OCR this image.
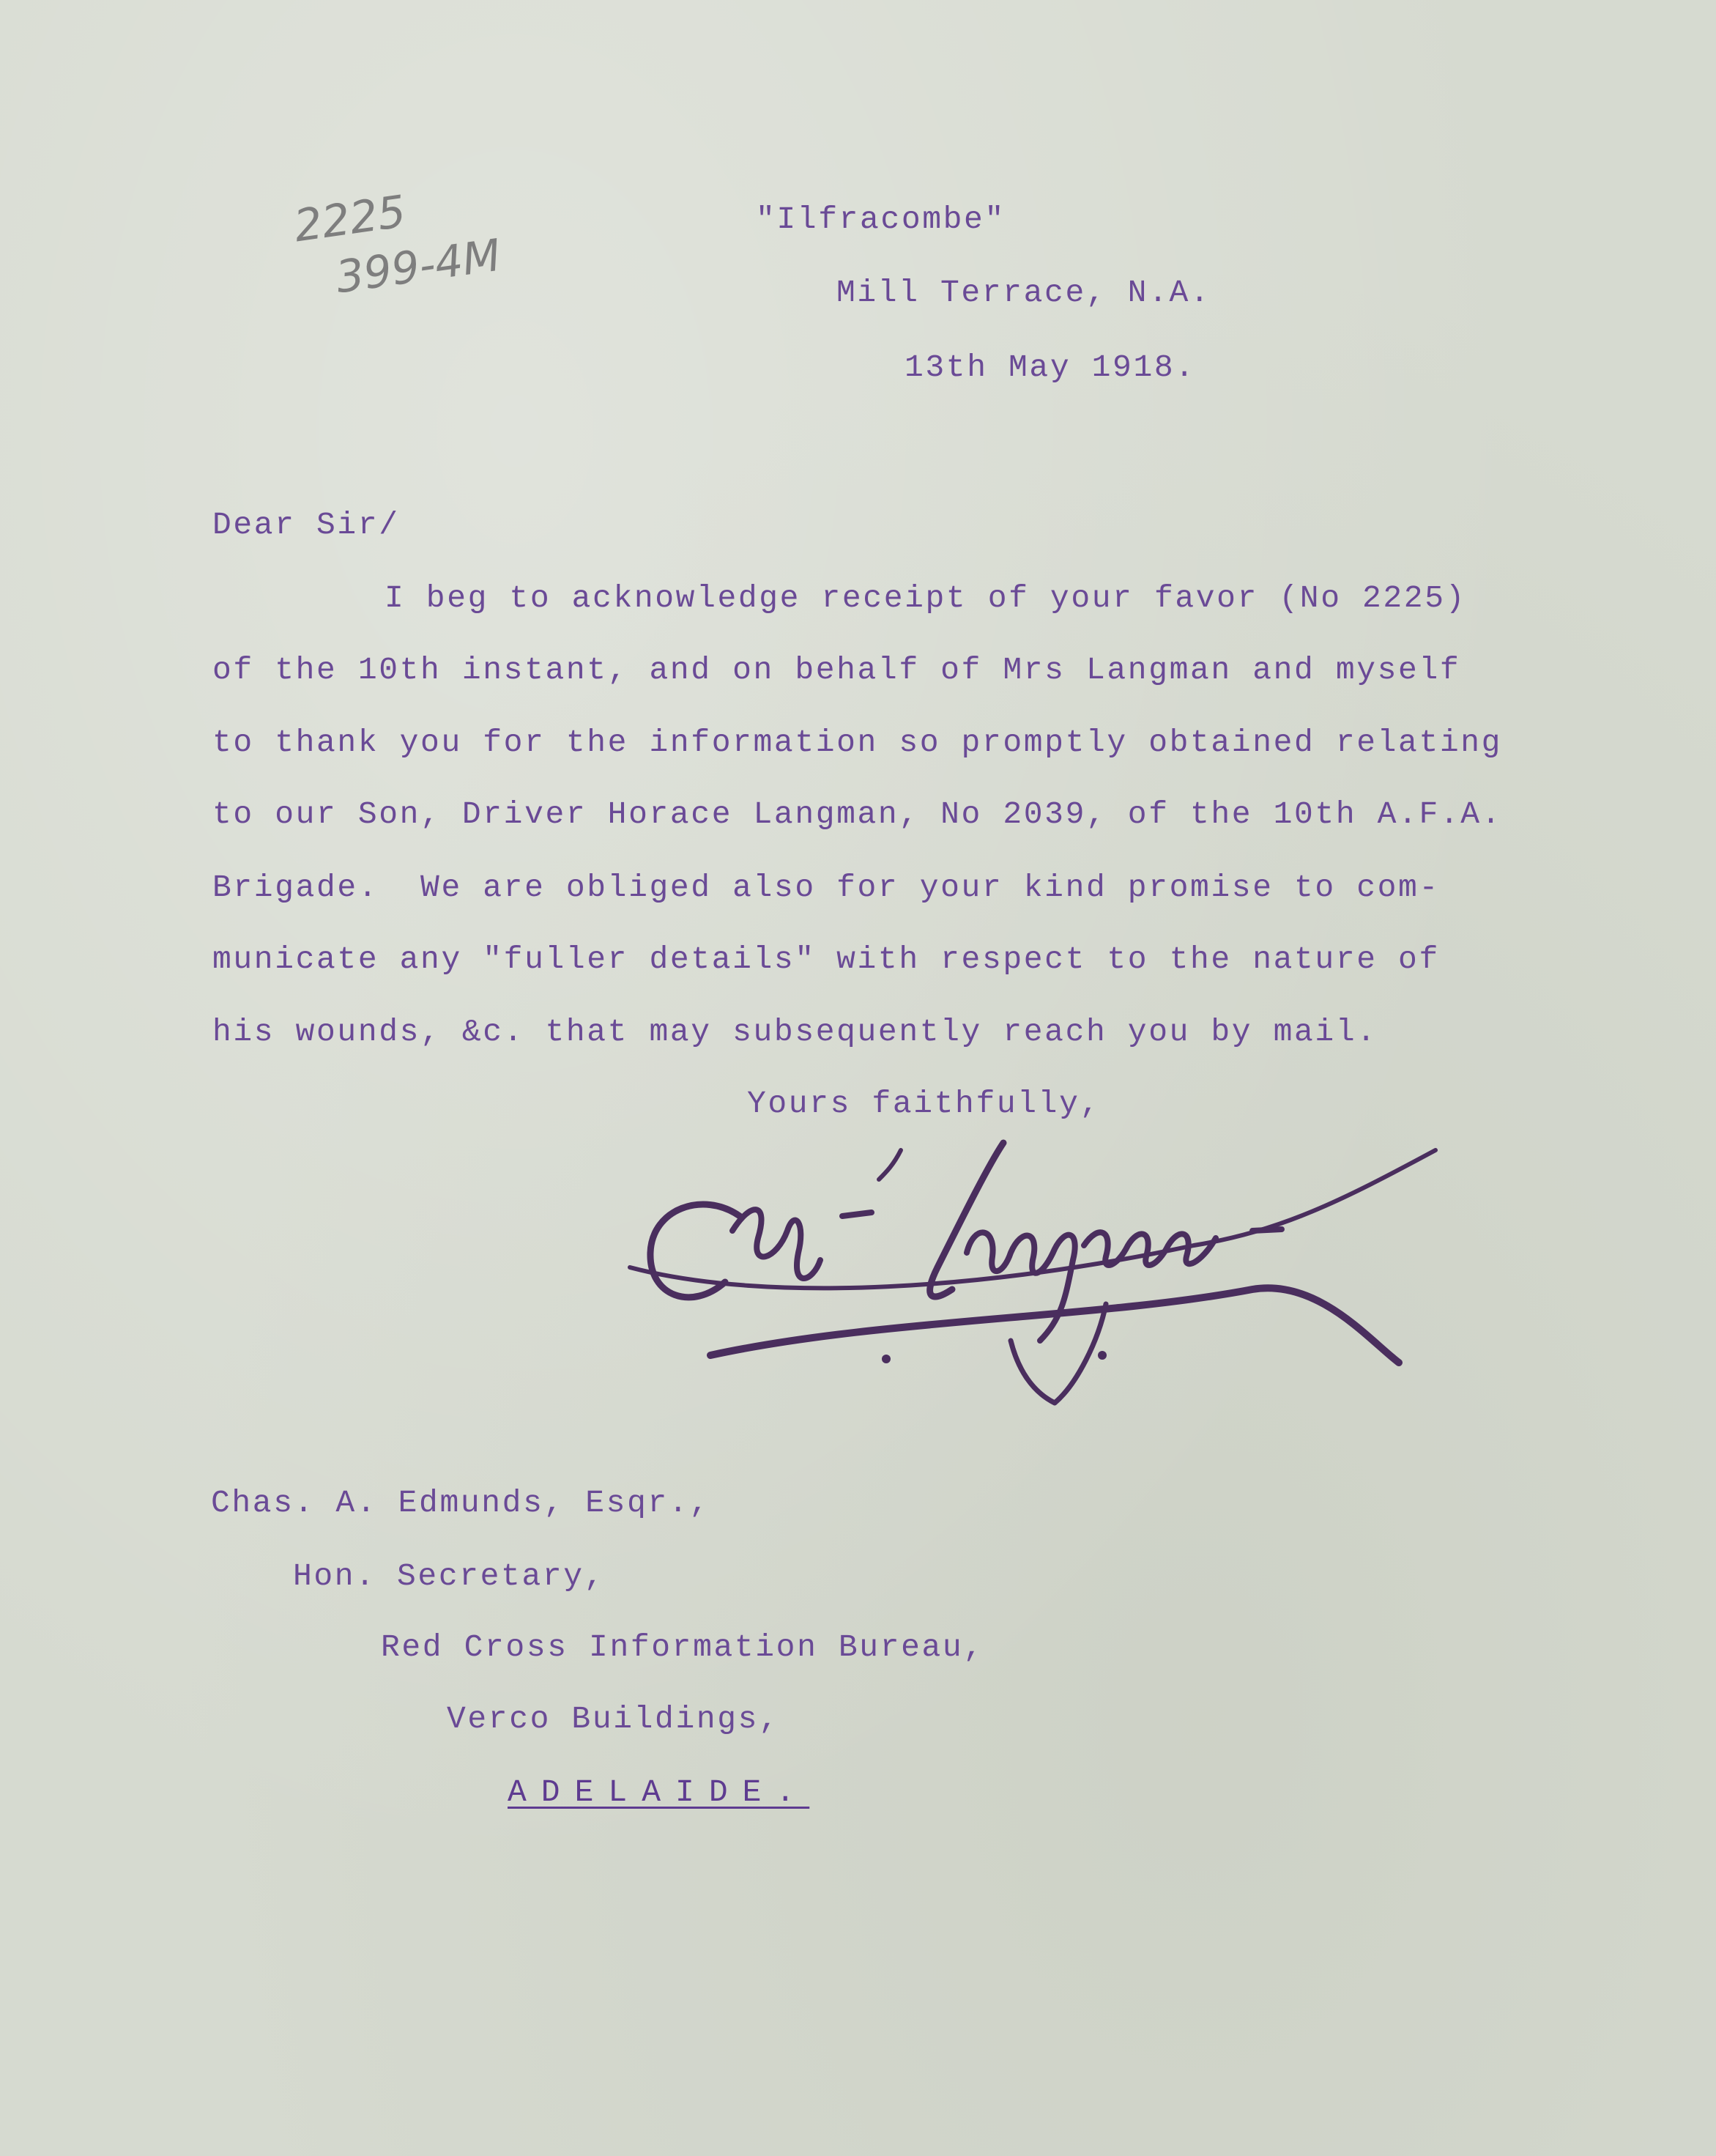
2225

399-4M

"Ilfracombe"

Mill Terrace, N.A.

13th May 1918.

Dear Sir/

I beg to acknowledge receipt of your favor (No 2225)

of the 10th instant, and on behalf of Mrs Langman and myself

to thank you for the information so promptly obtained relating

to our Son, Driver Horace Langman, No 2039, of the 10th A.F.A.

Brigade.  We are obliged also for your kind promise to com-

municate any "fuller details" with respect to the nature of

his wounds, &c. that may subsequently reach you by mail.

Yours faithfully,

Chas. A. Edmunds, Esqr.,

Hon. Secretary,

Red Cross Information Bureau,

Verco Buildings,

ADELAIDE.
